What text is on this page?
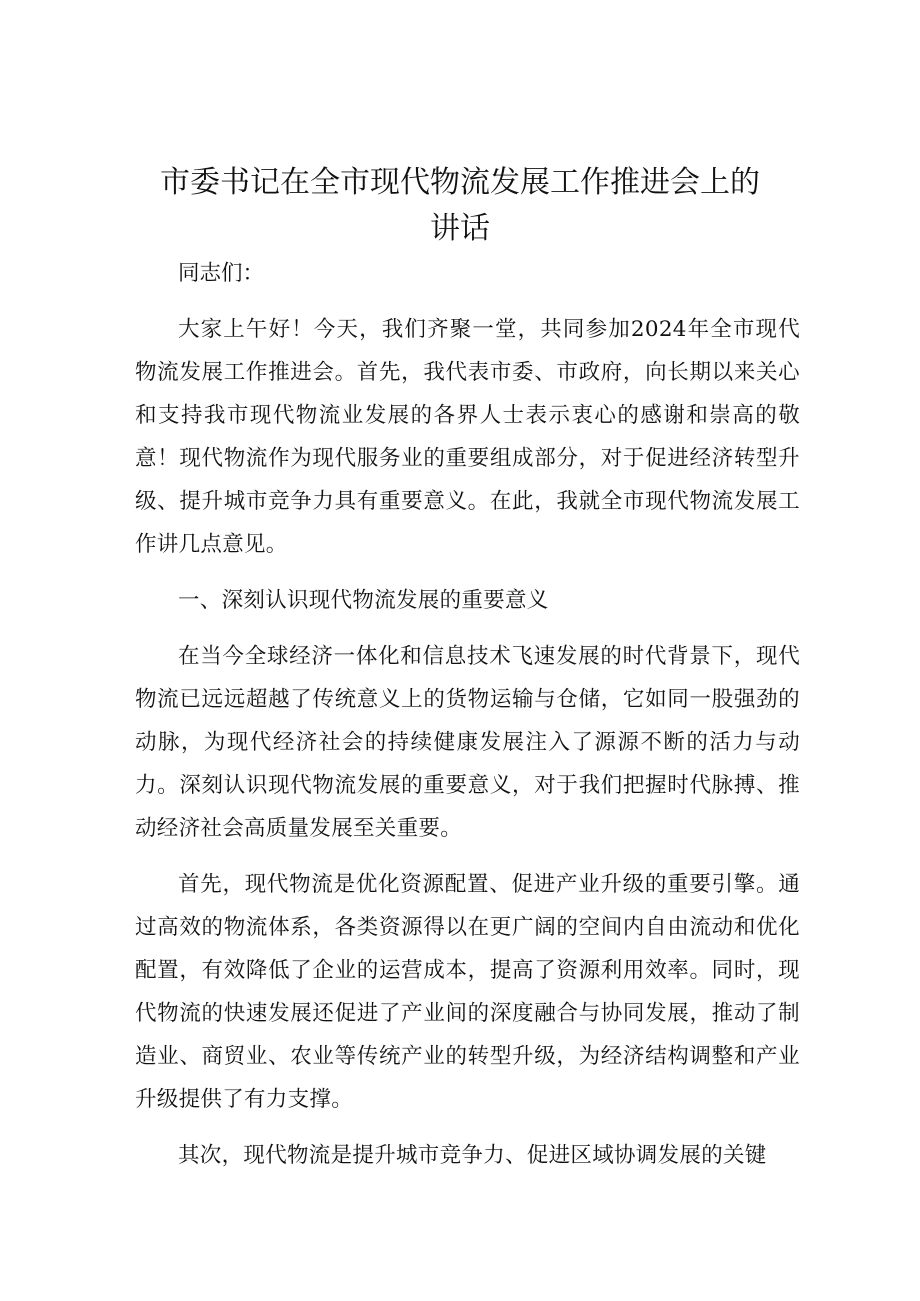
市委书记在全市现代物流发展工作推进会上的
讲话

同志们：

大家上午好！今天，我们齐聚一堂，共同参加2024年全市现代物流发展工作推进会。首先，我代表市委、市政府，向长期以来关心和支持我市现代物流业发展的各界人士表示衷心的感谢和崇高的敬意！现代物流作为现代服务业的重要组成部分，对于促进经济转型升级、提升城市竞争力具有重要意义。在此，我就全市现代物流发展工作讲几点意见。

一、深刻认识现代物流发展的重要意义

在当今全球经济一体化和信息技术飞速发展的时代背景下，现代物流已远远超越了传统意义上的货物运输与仓储，它如同一股强劲的动脉，为现代经济社会的持续健康发展注入了源源不断的活力与动力。深刻认识现代物流发展的重要意义，对于我们把握时代脉搏、推动经济社会高质量发展至关重要。

首先，现代物流是优化资源配置、促进产业升级的重要引擎。通过高效的物流体系，各类资源得以在更广阔的空间内自由流动和优化配置，有效降低了企业的运营成本，提高了资源利用效率。同时，现代物流的快速发展还促进了产业间的深度融合与协同发展，推动了制造业、商贸业、农业等传统产业的转型升级，为经济结构调整和产业升级提供了有力支撑。

其次，现代物流是提升城市竞争力、促进区域协调发展的关键
